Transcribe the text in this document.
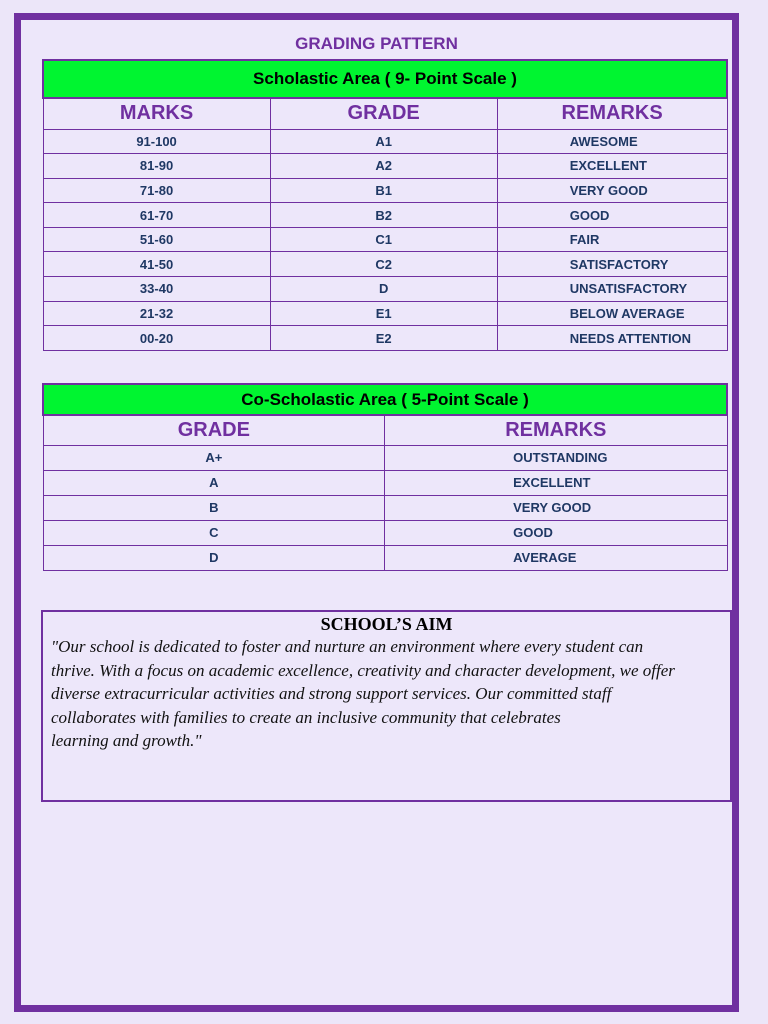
GRADING PATTERN
Scholastic Area ( 9- Point Scale )		
MARKS	GRADE	REMARKS
91-100	A1	AWESOME
81-90	A2	EXCELLENT
71-80	B1	VERY GOOD
61-70	B2	GOOD
51-60	C1	FAIR
41-50	C2	SATISFACTORY
33-40	D	UNSATISFACTORY
21-32	E1	BELOW AVERAGE
00-20	E2	NEEDS ATTENTION
Co-Scholastic Area ( 5-Point Scale )	
GRADE	REMARKS
A+	OUTSTANDING
A	EXCELLENT
B	VERY GOOD
C	GOOD
D	AVERAGE
SCHOOL’S AIM
"Our school is dedicated to foster and nurture an environment where every student can
thrive. With a focus on academic excellence, creativity and character development, we offer
diverse extracurricular activities and strong support services. Our committed staff
collaborates with families to create an inclusive community that celebrates
learning and growth."
